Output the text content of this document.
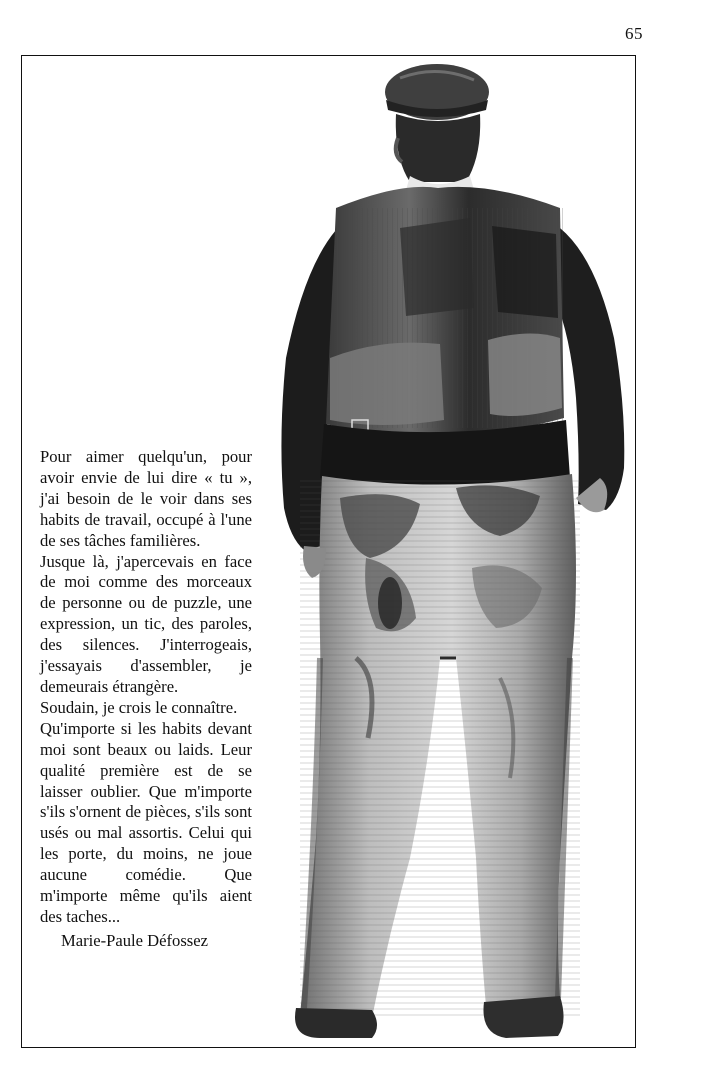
65

Pour aimer quelqu'un, pour avoir envie de lui dire « tu », j'ai besoin de le voir dans ses habits de travail, occupé à l'une de ses tâches familières.

Jusque là, j'apercevais en face de moi comme des morceaux de personne ou de puzzle, une expression, un tic, des paroles, des silences. J'interrogeais, j'essayais d'assembler, je demeurais étrangère.

Soudain, je crois le connaître.

Qu'importe si les habits devant moi sont beaux ou laids. Leur qualité première est de se laisser oublier. Que m'importe s'ils s'ornent de pièces, s'ils sont usés ou mal assortis. Celui qui les porte, du moins, ne joue aucune comédie. Que m'importe même qu'ils aient des taches...

Marie-Paule Défossez
